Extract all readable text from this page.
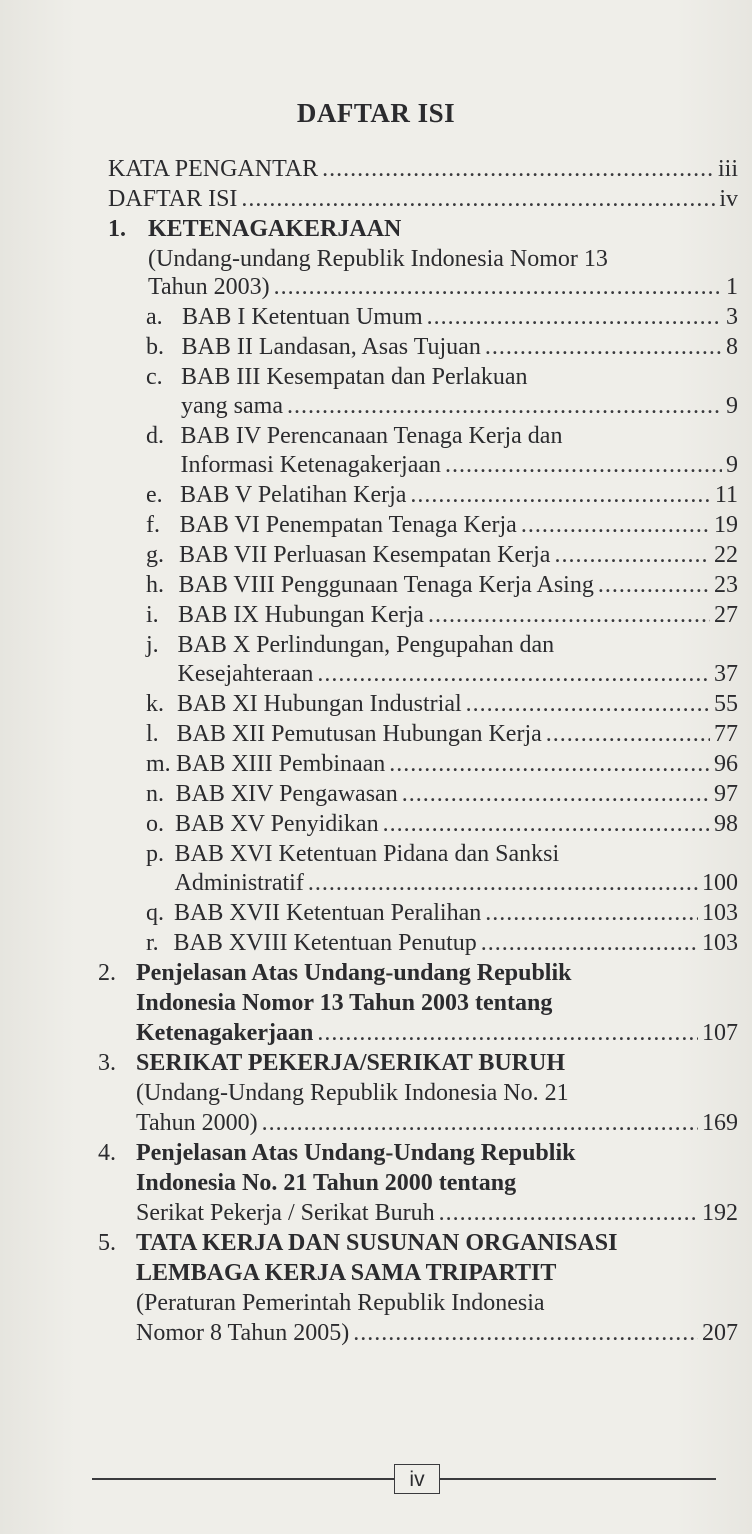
DAFTAR ISI
KATA PENGANTAR .....	iii
DAFTAR ISI .....	iv
1. KETENAGAKERJAAN
(Undang-undang Republik Indonesia Nomor 13
Tahun 2003) .....	1
a. BAB I Ketentuan Umum .....	3
b. BAB II Landasan, Asas Tujuan .....	8
c. BAB III Kesempatan dan Perlakuan
yang sama .....	9
d. BAB IV Perencanaan Tenaga Kerja dan
Informasi Ketenagakerjaan .....	9
e. BAB V Pelatihan Kerja .....	11
f. BAB VI Penempatan Tenaga Kerja .....	19
g. BAB VII Perluasan Kesempatan Kerja .....	22
h. BAB VIII Penggunaan Tenaga Kerja Asing .....	23
i. BAB IX Hubungan Kerja .....	27
j. BAB X Perlindungan, Pengupahan dan
Kesejahteraan .....	37
k. BAB XI Hubungan Industrial .....	55
l. BAB XII Pemutusan Hubungan Kerja .....	77
m. BAB XIII Pembinaan .....	96
n. BAB XIV Pengawasan .....	97
o. BAB XV Penyidikan .....	98
p. BAB XVI Ketentuan Pidana dan Sanksi
Administratif .....	100
q. BAB XVII Ketentuan Peralihan .....	103
r. BAB XVIII Ketentuan Penutup .....	103
2. Penjelasan Atas Undang-undang Republik
Indonesia Nomor 13 Tahun 2003 tentang
Ketenagakerjaan .....	107
3. SERIKAT PEKERJA/SERIKAT BURUH
(Undang-Undang Republik Indonesia No. 21
Tahun 2000) .....	169
4. Penjelasan Atas Undang-Undang Republik
Indonesia No. 21 Tahun 2000 tentang
Serikat Pekerja / Serikat Buruh .....	192
5. TATA KERJA DAN SUSUNAN ORGANISASI
LEMBAGA KERJA SAMA TRIPARTIT
(Peraturan Pemerintah Republik Indonesia
Nomor 8 Tahun 2005) .....	207
iv
